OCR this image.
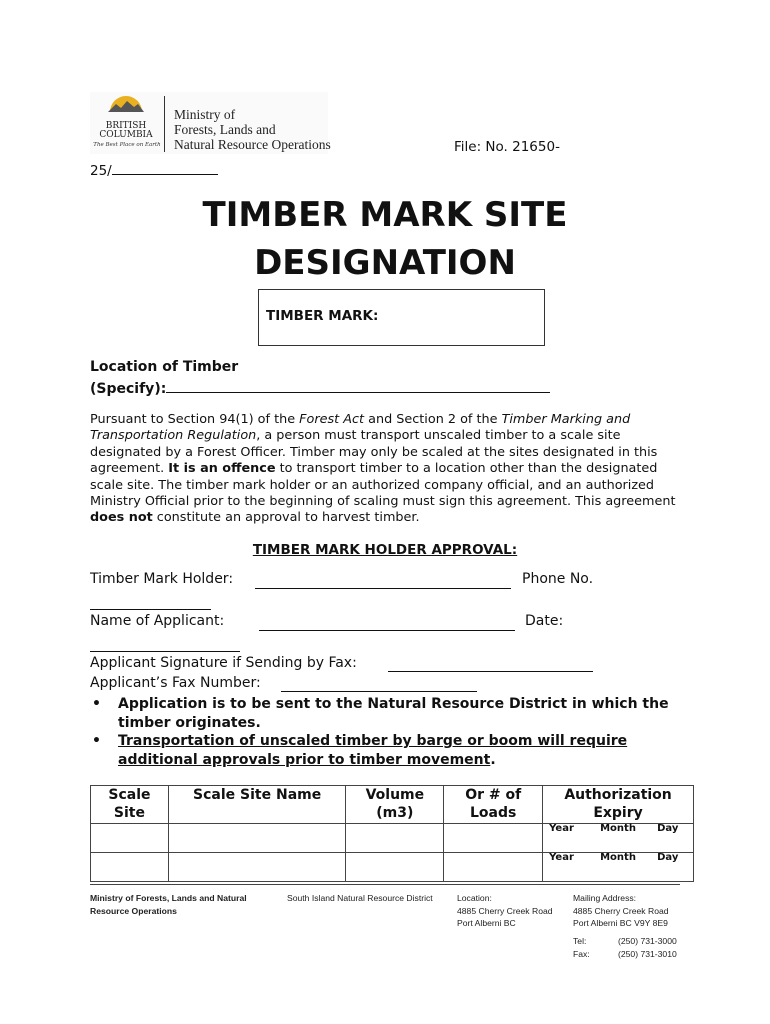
BRITISH
COLUMBIA
The Best Place on Earth
Ministry of
Forests, Lands and
Natural Resource Operations	File: No. 21650-
25/
TIMBER MARK SITE
DESIGNATION
TIMBER MARK:
Location of Timber
(Specify):
Pursuant to Section 94(1) of the Forest Act and Section 2 of the Timber Marking and Transportation Regulation, a person must transport unscaled timber to a scale site designated by a Forest Officer. Timber may only be scaled at the sites designated in this agreement. It is an offence to transport timber to a location other than the designated scale site. The timber mark holder or an authorized company official, and an authorized Ministry Official prior to the beginning of scaling must sign this agreement. This agreement does not constitute an approval to harvest timber.
TIMBER MARK HOLDER APPROVAL:
Timber Mark Holder:	Phone No.
Name of Applicant:	Date:
Applicant Signature if Sending by Fax:
Applicant’s Fax Number:
• Application is to be sent to the Natural Resource District in which the timber originates.
• Transportation of unscaled timber by barge or boom will require additional approvals prior to timber movement.
Scale Site	Scale Site Name	Volume (m3)	Or # of Loads	Authorization Expiry

				Year Month Day

				Year Month Day
Ministry of Forests, Lands and Natural
Resource Operations
South Island Natural Resource District	Location:
4885 Cherry Creek Road
Port Alberni BC
Mailing Address:
4885 Cherry Creek Road
Port Alberni BC V9Y 8E9
Tel:	(250) 731-3000
Fax:	(250) 731-3010
